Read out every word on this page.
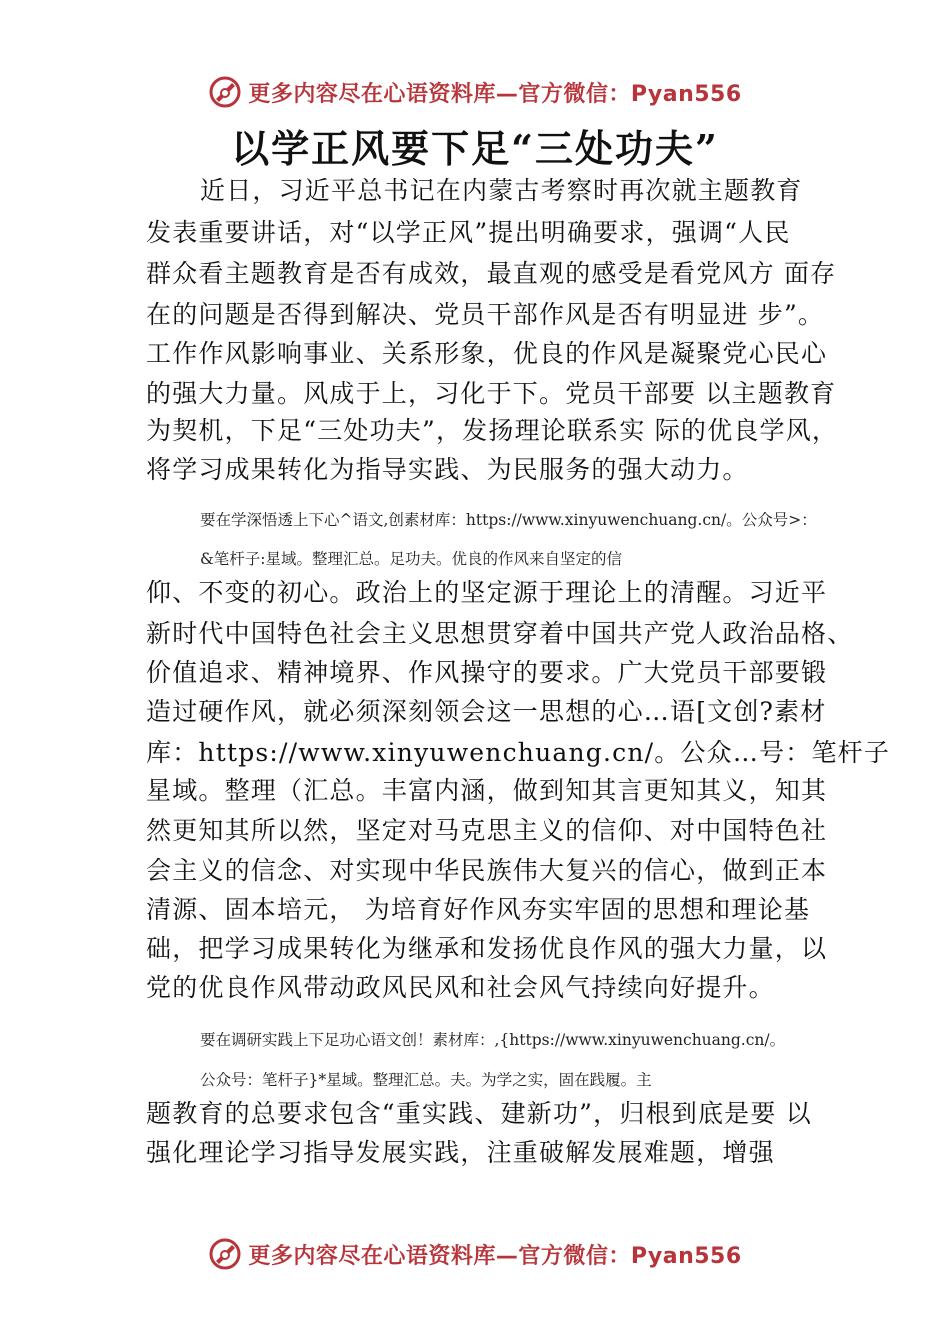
更多内容尽在心语资料库—官方微信：Pyan556
以学正风要下足“三处功夫”
近日，习近平总书记在内蒙古考察时再次就主题教育
发表重要讲话，对“以学正风”提出明确要求，强调“人民
群众看主题教育是否有成效，最直观的感受是看党风方 面存
在的问题是否得到解决、党员干部作风是否有明显进 步”。
工作作风影响事业、关系形象，优良的作风是凝聚党心民心
的强大力量。风成于上，习化于下。党员干部要 以主题教育
为契机，下足“三处功夫”，发扬理论联系实 际的优良学风，
将学习成果转化为指导实践、为民服务的强大动力。
要在学深悟透上下心^语文,创素材库：https://www.xinyuwenchuang.cn/。公众号>：
&笔杆子:星域。整理汇总。足功夫。优良的作风来自坚定的信
仰、不变的初心。政治上的坚定源于理论上的清醒。习近平
新时代中国特色社会主义思想贯穿着中国共产党人政治品格、
价值追求、精神境界、作风操守的要求。广大党员干部要锻
造过硬作风，就必须深刻领会这一思想的心…语[文创?素材
库：https://www.xinyuwenchuang.cn/。公众…号：笔杆子
星域。整理（汇总。丰富内涵，做到知其言更知其义，知其
然更知其所以然，坚定对马克思主义的信仰、对中国特色社
会主义的信念、对实现中华民族伟大复兴的信心，做到正本
清源、固本培元， 为培育好作风夯实牢固的思想和理论基
础，把学习成果转化为继承和发扬优良作风的强大力量，以
党的优良作风带动政风民风和社会风气持续向好提升。
要在调研实践上下足功心语文创！素材库：,{https://www.xinyuwenchuang.cn/。
公众号：笔杆子}*星域。整理汇总。夫。为学之实，固在践履。主
题教育的总要求包含“重实践、建新功”，归根到底是要 以
强化理论学习指导发展实践，注重破解发展难题，增强
更多内容尽在心语资料库—官方微信：Pyan556
